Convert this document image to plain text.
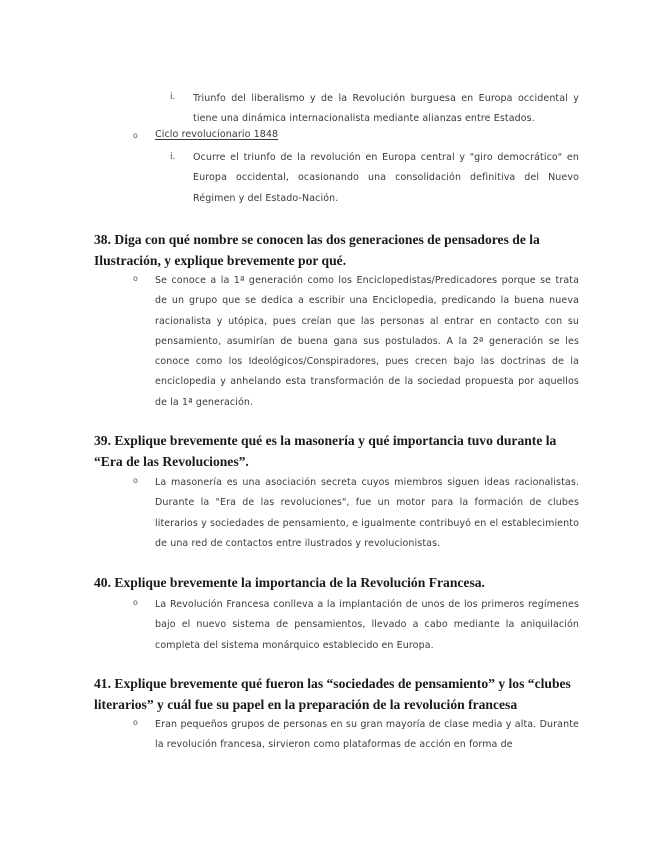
i. Triunfo del liberalismo y de la Revolución burguesa en Europa occidental y tiene una dinámica internacionalista mediante alianzas entre Estados.
o Ciclo revolucionario 1848
i. Ocurre el triunfo de la revolución en Europa central y "giro democrático" en Europa occidental, ocasionando una consolidación definitiva del Nuevo Régimen y del Estado-Nación.
38. Diga con qué nombre se conocen las dos generaciones de pensadores de la Ilustración, y explique brevemente por qué.
o Se conoce a la 1ª generación como los Enciclopedistas/Predicadores porque se trata de un grupo que se dedica a escribir una Enciclopedia, predicando la buena nueva racionalista y utópica, pues creían que las personas al entrar en contacto con su pensamiento, asumirían de buena gana sus postulados. A la 2ª generación se les conoce como los Ideológicos/Conspiradores, pues crecen bajo las doctrinas de la enciclopedia y anhelando esta transformación de la sociedad propuesta por aquellos de la 1ª generación.
39. Explique brevemente qué es la masonería y qué importancia tuvo durante la “Era de las Revoluciones”.
o La masonería es una asociación secreta cuyos miembros siguen ideas racionalistas. Durante la "Era de las revoluciones", fue un motor para la formación de clubes literarios y sociedades de pensamiento, e igualmente contribuyó en el establecimiento de una red de contactos entre ilustrados y revolucionistas.
40. Explique brevemente la importancia de la Revolución Francesa.
o La Revolución Francesa conlleva a la implantación de unos de los primeros regímenes bajo el nuevo sistema de pensamientos, llevado a cabo mediante la aniquilación completa del sistema monárquico establecido en Europa.
41. Explique brevemente qué fueron las “sociedades de pensamiento” y los “clubes literarios” y cuál fue su papel en la preparación de la revolución francesa
o Eran pequeños grupos de personas en su gran mayoría de clase media y alta. Durante la revolución francesa, sirvieron como plataformas de acción en forma de
